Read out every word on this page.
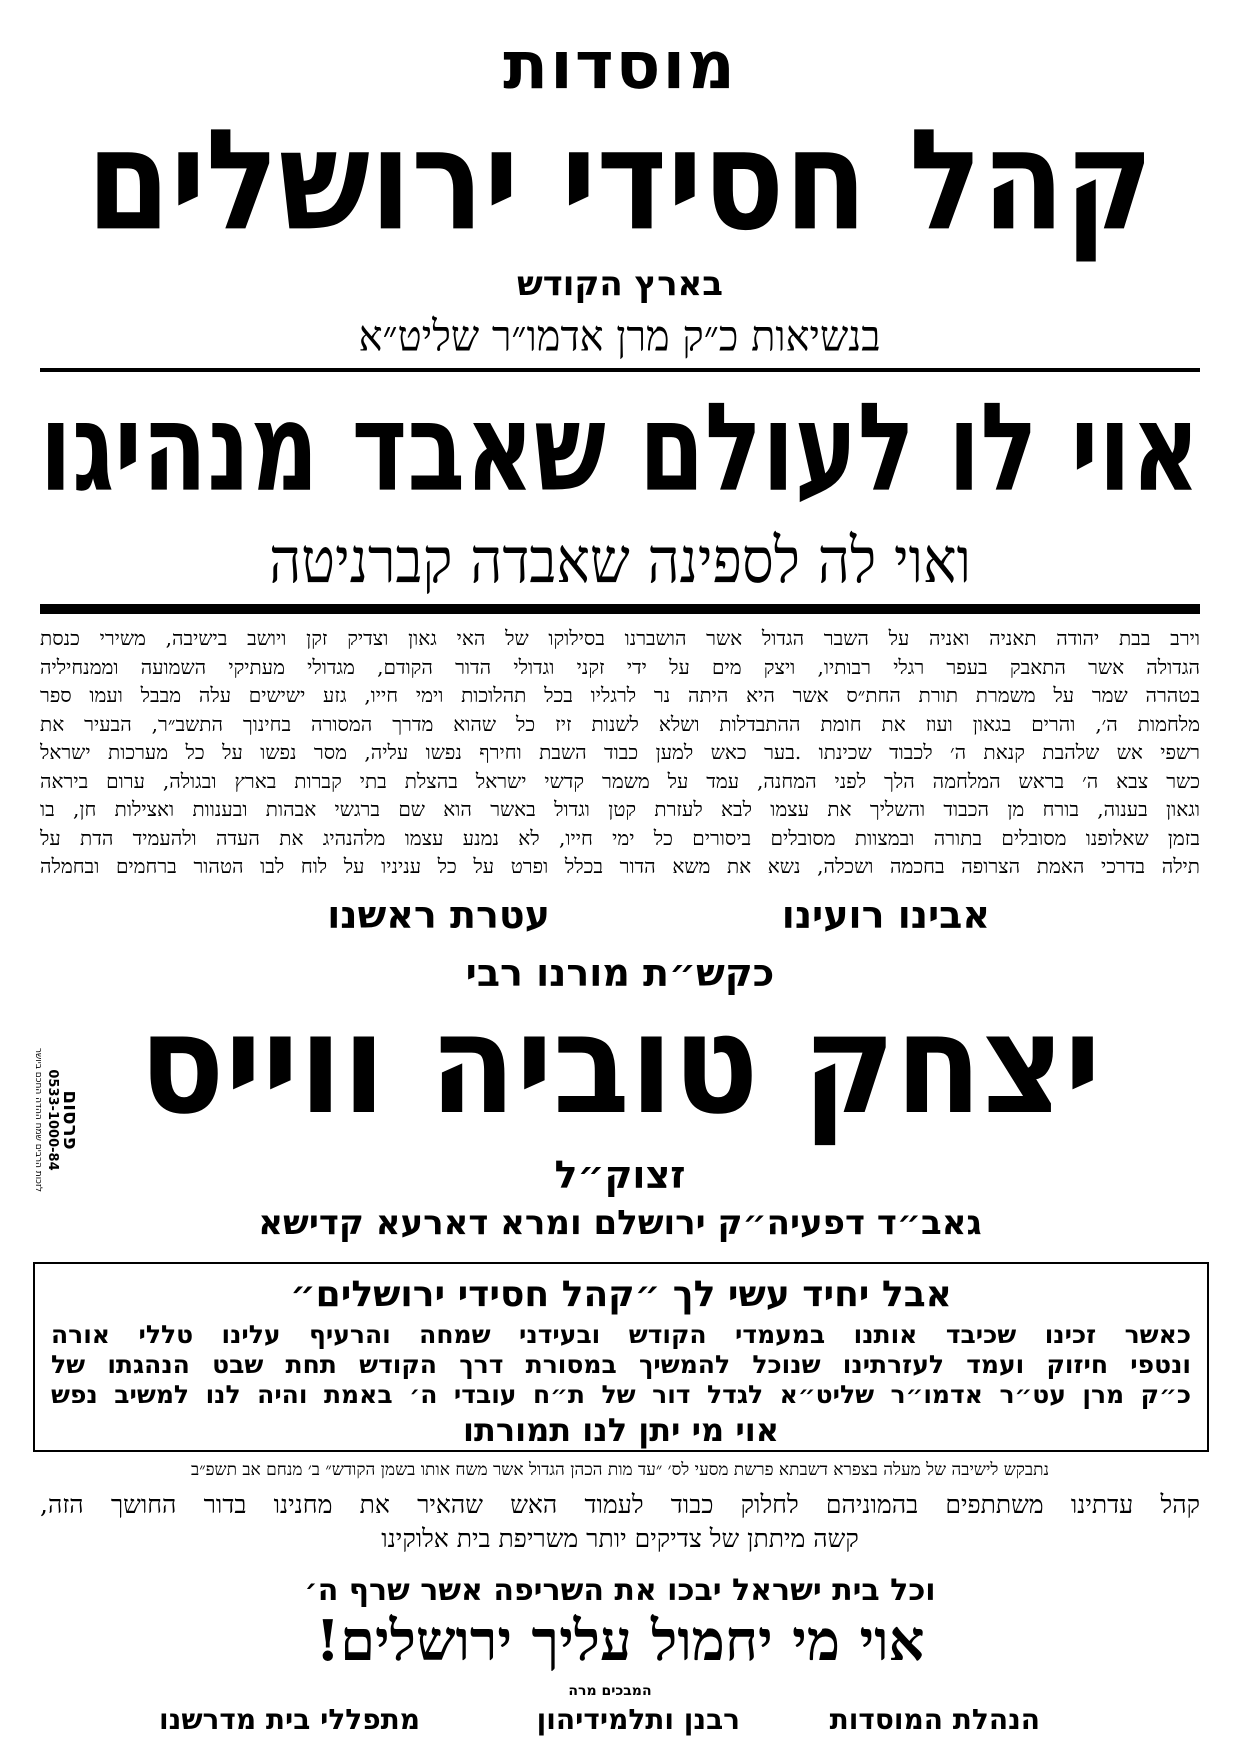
מוסדות
קהל חסידי ירושלים
בארץ הקודש
בנשיאות כ״ק מרן אדמו״ר שליט״א
אוי לו לעולם שאבד מנהיגו
ואוי לה לספינה שאבדה קברניטה
וירב בבת יהודה תאניה ואניה על השבר הגדול אשר הושברנו בסילוקו של האי גאון וצדיק זקן ויושב בישיבה, משירי כנסת
הגדולה אשר התאבק בעפר רגלי רבותיו, ויצק מים על ידי זקני וגדולי הדור הקודם, מגדולי מעתיקי השמועה וממנחיליה
בטהרה שמר על משמרת תורת החת״ס אשר היא היתה נר לרגליו בכל תהלוכות וימי חייו, גזע ישישים עלה מבבל ועמו ספר
מלחמות ה׳, והרים בגאון ועוז את חומת ההתבדלות ושלא לשנות זיז כל שהוא מדרך המסורה בחינוך התשב״ר, הבעיר את
רשפי אש שלהבת קנאת ה׳ לכבוד שכינתו .בער כאש למען כבוד השבת וחירף נפשו עליה, מסר נפשו על כל מערכות ישראל
כשר צבא ה׳ בראש המלחמה הלך לפני המחנה, עמד על משמר קדשי ישראל בהצלת בתי קברות בארץ ובגולה, ערום ביראה
וגאון בענוה, בורח מן הכבוד והשליך את עצמו לבא לעזרת קטן וגדול באשר הוא שם ברגשי אבהות ובענוות ואצילות חן, בו
בזמן שאלופנו מסובלים בתורה ובמצוות מסובלים ביסורים כל ימי חייו, לא נמנע עצמו מלהנהיג את העדה ולהעמיד הדת על
תילה בדרכי האמת הצרופה בחכמה ושכלה, נשא את משא הדור בכלל ופרט על כל עניניו על לוח לבו הטהור ברחמים ובחמלה
אבינו רועינו
עטרת ראשנו
כקש״ת מורנו רבי
יצחק טוביה ווייס
זצוק״ל
גאב״ד דפעיה״ק ירושלם ומרא דארעא קדישא
פרסום
0533-1000-84
לזכות הרבים שמח ההדה החכם ביושר
אבל יחיד עשי לך ״קהל חסידי ירושלים״
כאשר זכינו שכיבד אותנו במעמדי הקודש ובעידני שמחה והרעיף עלינו טללי אורה
ונטפי חיזוק ועמד לעזרתינו שנוכל להמשיך במסורת דרך הקודש תחת שבט הנהגתו של
כ״ק מרן עט״ר אדמו״ר שליט״א לגדל דור של ת״ח עובדי ה׳ באמת והיה לנו למשיב נפש
אוי מי יתן לנו תמורתו
נתבקש לישיבה של מעלה בצפרא דשבתא פרשת מסעי לס׳ ״עד מות הכהן הגדול אשר משח אותו בשמן הקודש״ ב׳ מנחם אב תשפ״ב
קהל עדתינו משתתפים בהמוניהם לחלוק כבוד לעמוד האש שהאיר את מחנינו בדור החושך הזה,
קשה מיתתן של צדיקים יותר משריפת בית אלוקינו
וכל בית ישראל יבכו את השריפה אשר שרף ה׳
אוי מי יחמול עליך ירושלים!
המבכים מרה
הנהלת המוסדות
רבנן ותלמידיהון
מתפללי בית מדרשנו
